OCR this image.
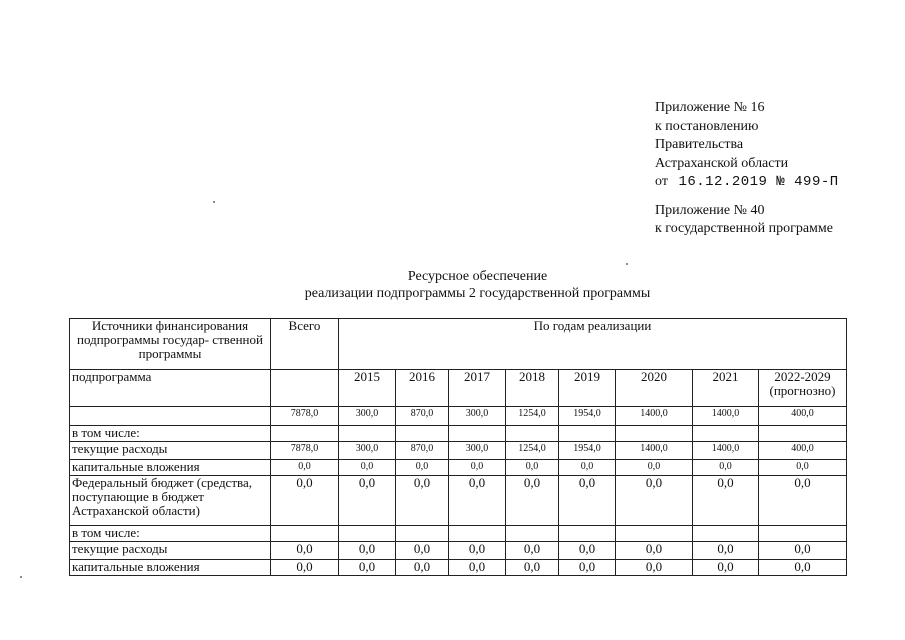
Приложение № 16
к постановлению
Правительства
Астраханской области
от 16.12.2019 № 499-П
Приложение № 40
к государственной программе
Ресурсное обеспечение
реализации подпрограммы 2 государственной программы
Источники финансирования подпрограммы государ- ственной программы	Всего	По годам реализации							
подпрограмма		2015	2016	2017	2018	2019	2020	2021	2022-2029 (прогнозно)
	7878,0	300,0	870,0	300,0	1254,0	1954,0	1400,0	1400,0	400,0
в том числе:									
текущие расходы	7878,0	300,0	870,0	300,0	1254,0	1954,0	1400,0	1400,0	400,0
капитальные вложения	0,0	0,0	0,0	0,0	0,0	0,0	0,0	0,0	0,0
Федеральный бюджет (средства, поступающие в бюджет Астраханской области)	0,0	0,0	0,0	0,0	0,0	0,0	0,0	0,0	0,0
в том числе:									
текущие расходы	0,0	0,0	0,0	0,0	0,0	0,0	0,0	0,0	0,0
капитальные вложения	0,0	0,0	0,0	0,0	0,0	0,0	0,0	0,0	0,0
